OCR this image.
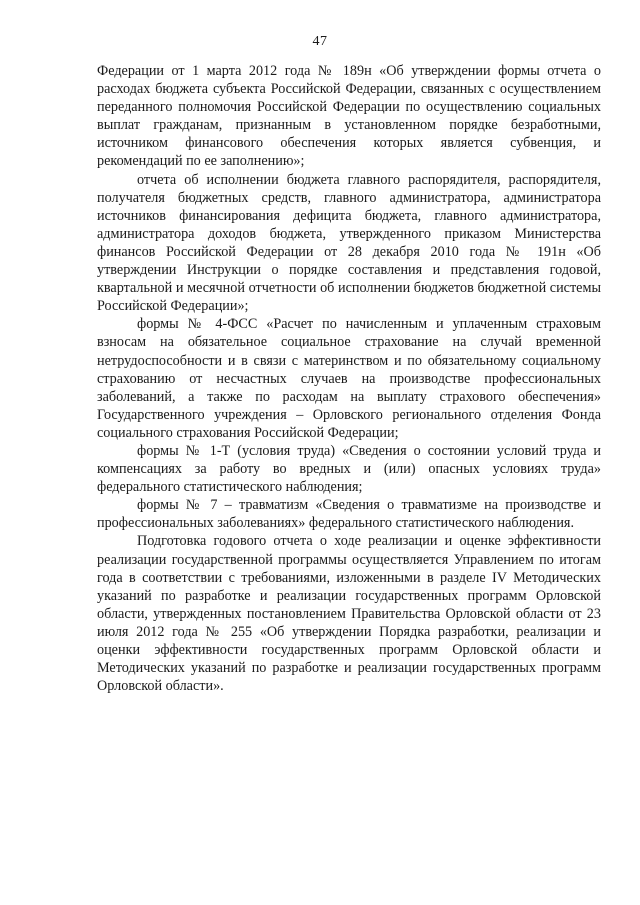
47

Федерации от 1 марта 2012 года № 189н «Об утверждении формы отчета о расходах бюджета субъекта Российской Федерации, связанных с осуществлением переданного полномочия Российской Федерации по осуществлению социальных выплат гражданам, признанным в установленном порядке безработными, источником финансового обеспечения которых является субвенция, и рекомендаций по ее заполнению»;

отчета об исполнении бюджета главного распорядителя, распорядителя, получателя бюджетных средств, главного администратора, администратора источников финансирования дефицита бюджета, главного администратора, администратора доходов бюджета, утвержденного приказом Министерства финансов Российской Федерации от 28 декабря 2010 года № 191н «Об утверждении Инструкции о порядке составления и представления годовой, квартальной и месячной отчетности об исполнении бюджетов бюджетной системы Российской Федерации»;

формы № 4-ФСС «Расчет по начисленным и уплаченным страховым взносам на обязательное социальное страхование на случай временной нетрудоспособности и в связи с материнством и по обязательному социальному страхованию от несчастных случаев на производстве профессиональных заболеваний, а также по расходам на выплату страхового обеспечения» Государственного учреждения – Орловского регионального отделения Фонда социального страхования Российской Федерации;

формы № 1-Т (условия труда) «Сведения о состоянии условий труда и компенсациях за работу во вредных и (или) опасных условиях труда» федерального статистического наблюдения;

формы № 7 – травматизм «Сведения о травматизме на производстве и профессиональных заболеваниях» федерального статистического наблюдения.

Подготовка годового отчета о ходе реализации и оценке эффективности реализации государственной программы осуществляется Управлением по итогам года в соответствии с требованиями, изложенными в разделе IV Методических указаний по разработке и реализации государственных программ Орловской области, утвержденных постановлением Правительства Орловской области от 23 июля 2012 года № 255 «Об утверждении Порядка разработки, реализации и оценки эффективности государственных программ Орловской области и Методических указаний по разработке и реализации государственных программ Орловской области».
